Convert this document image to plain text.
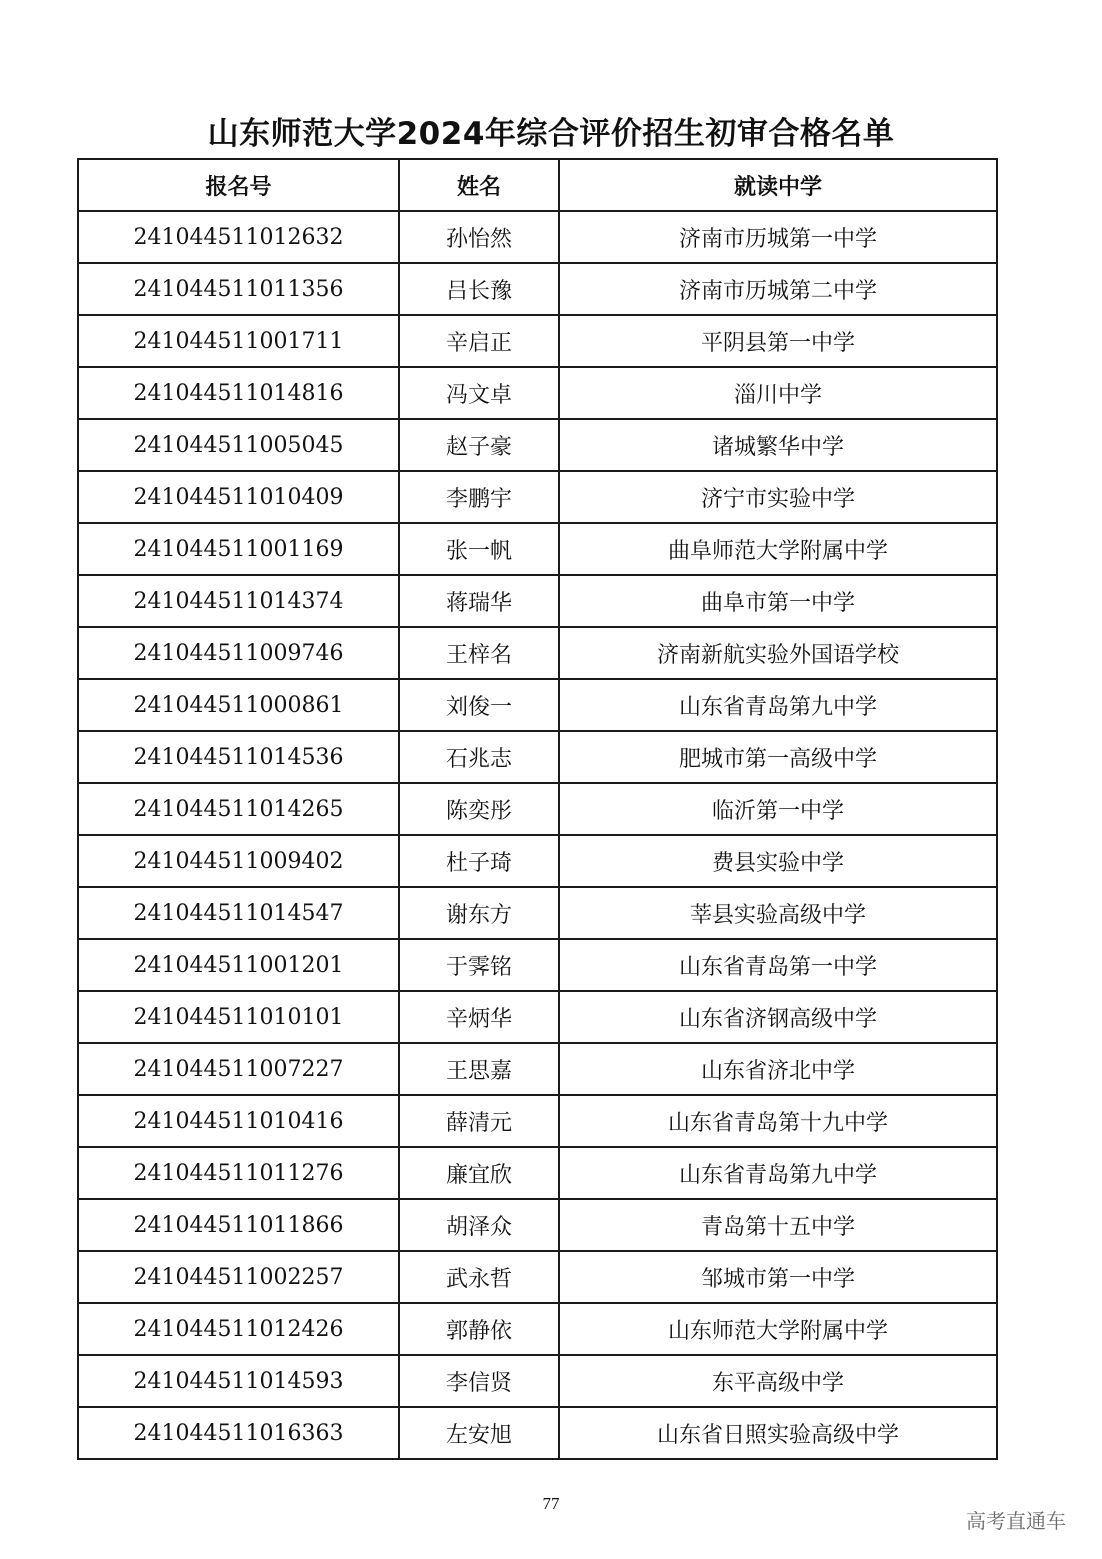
山东师范大学2024年综合评价招生初审合格名单
报名号	姓名	就读中学
241044511012632	孙怡然	济南市历城第一中学
241044511011356	吕长豫	济南市历城第二中学
241044511001711	辛启正	平阴县第一中学
241044511014816	冯文卓	淄川中学
241044511005045	赵子豪	诸城繁华中学
241044511010409	李鹏宇	济宁市实验中学
241044511001169	张一帆	曲阜师范大学附属中学
241044511014374	蒋瑞华	曲阜市第一中学
241044511009746	王梓名	济南新航实验外国语学校
241044511000861	刘俊一	山东省青岛第九中学
241044511014536	石兆志	肥城市第一高级中学
241044511014265	陈奕彤	临沂第一中学
241044511009402	杜子琦	费县实验中学
241044511014547	谢东方	莘县实验高级中学
241044511001201	于霁铭	山东省青岛第一中学
241044511010101	辛炳华	山东省济钢高级中学
241044511007227	王思嘉	山东省济北中学
241044511010416	薛清元	山东省青岛第十九中学
241044511011276	廉宜欣	山东省青岛第九中学
241044511011866	胡泽众	青岛第十五中学
241044511002257	武永哲	邹城市第一中学
241044511012426	郭静依	山东师范大学附属中学
241044511014593	李信贤	东平高级中学
241044511016363	左安旭	山东省日照实验高级中学
77
高考直通车
